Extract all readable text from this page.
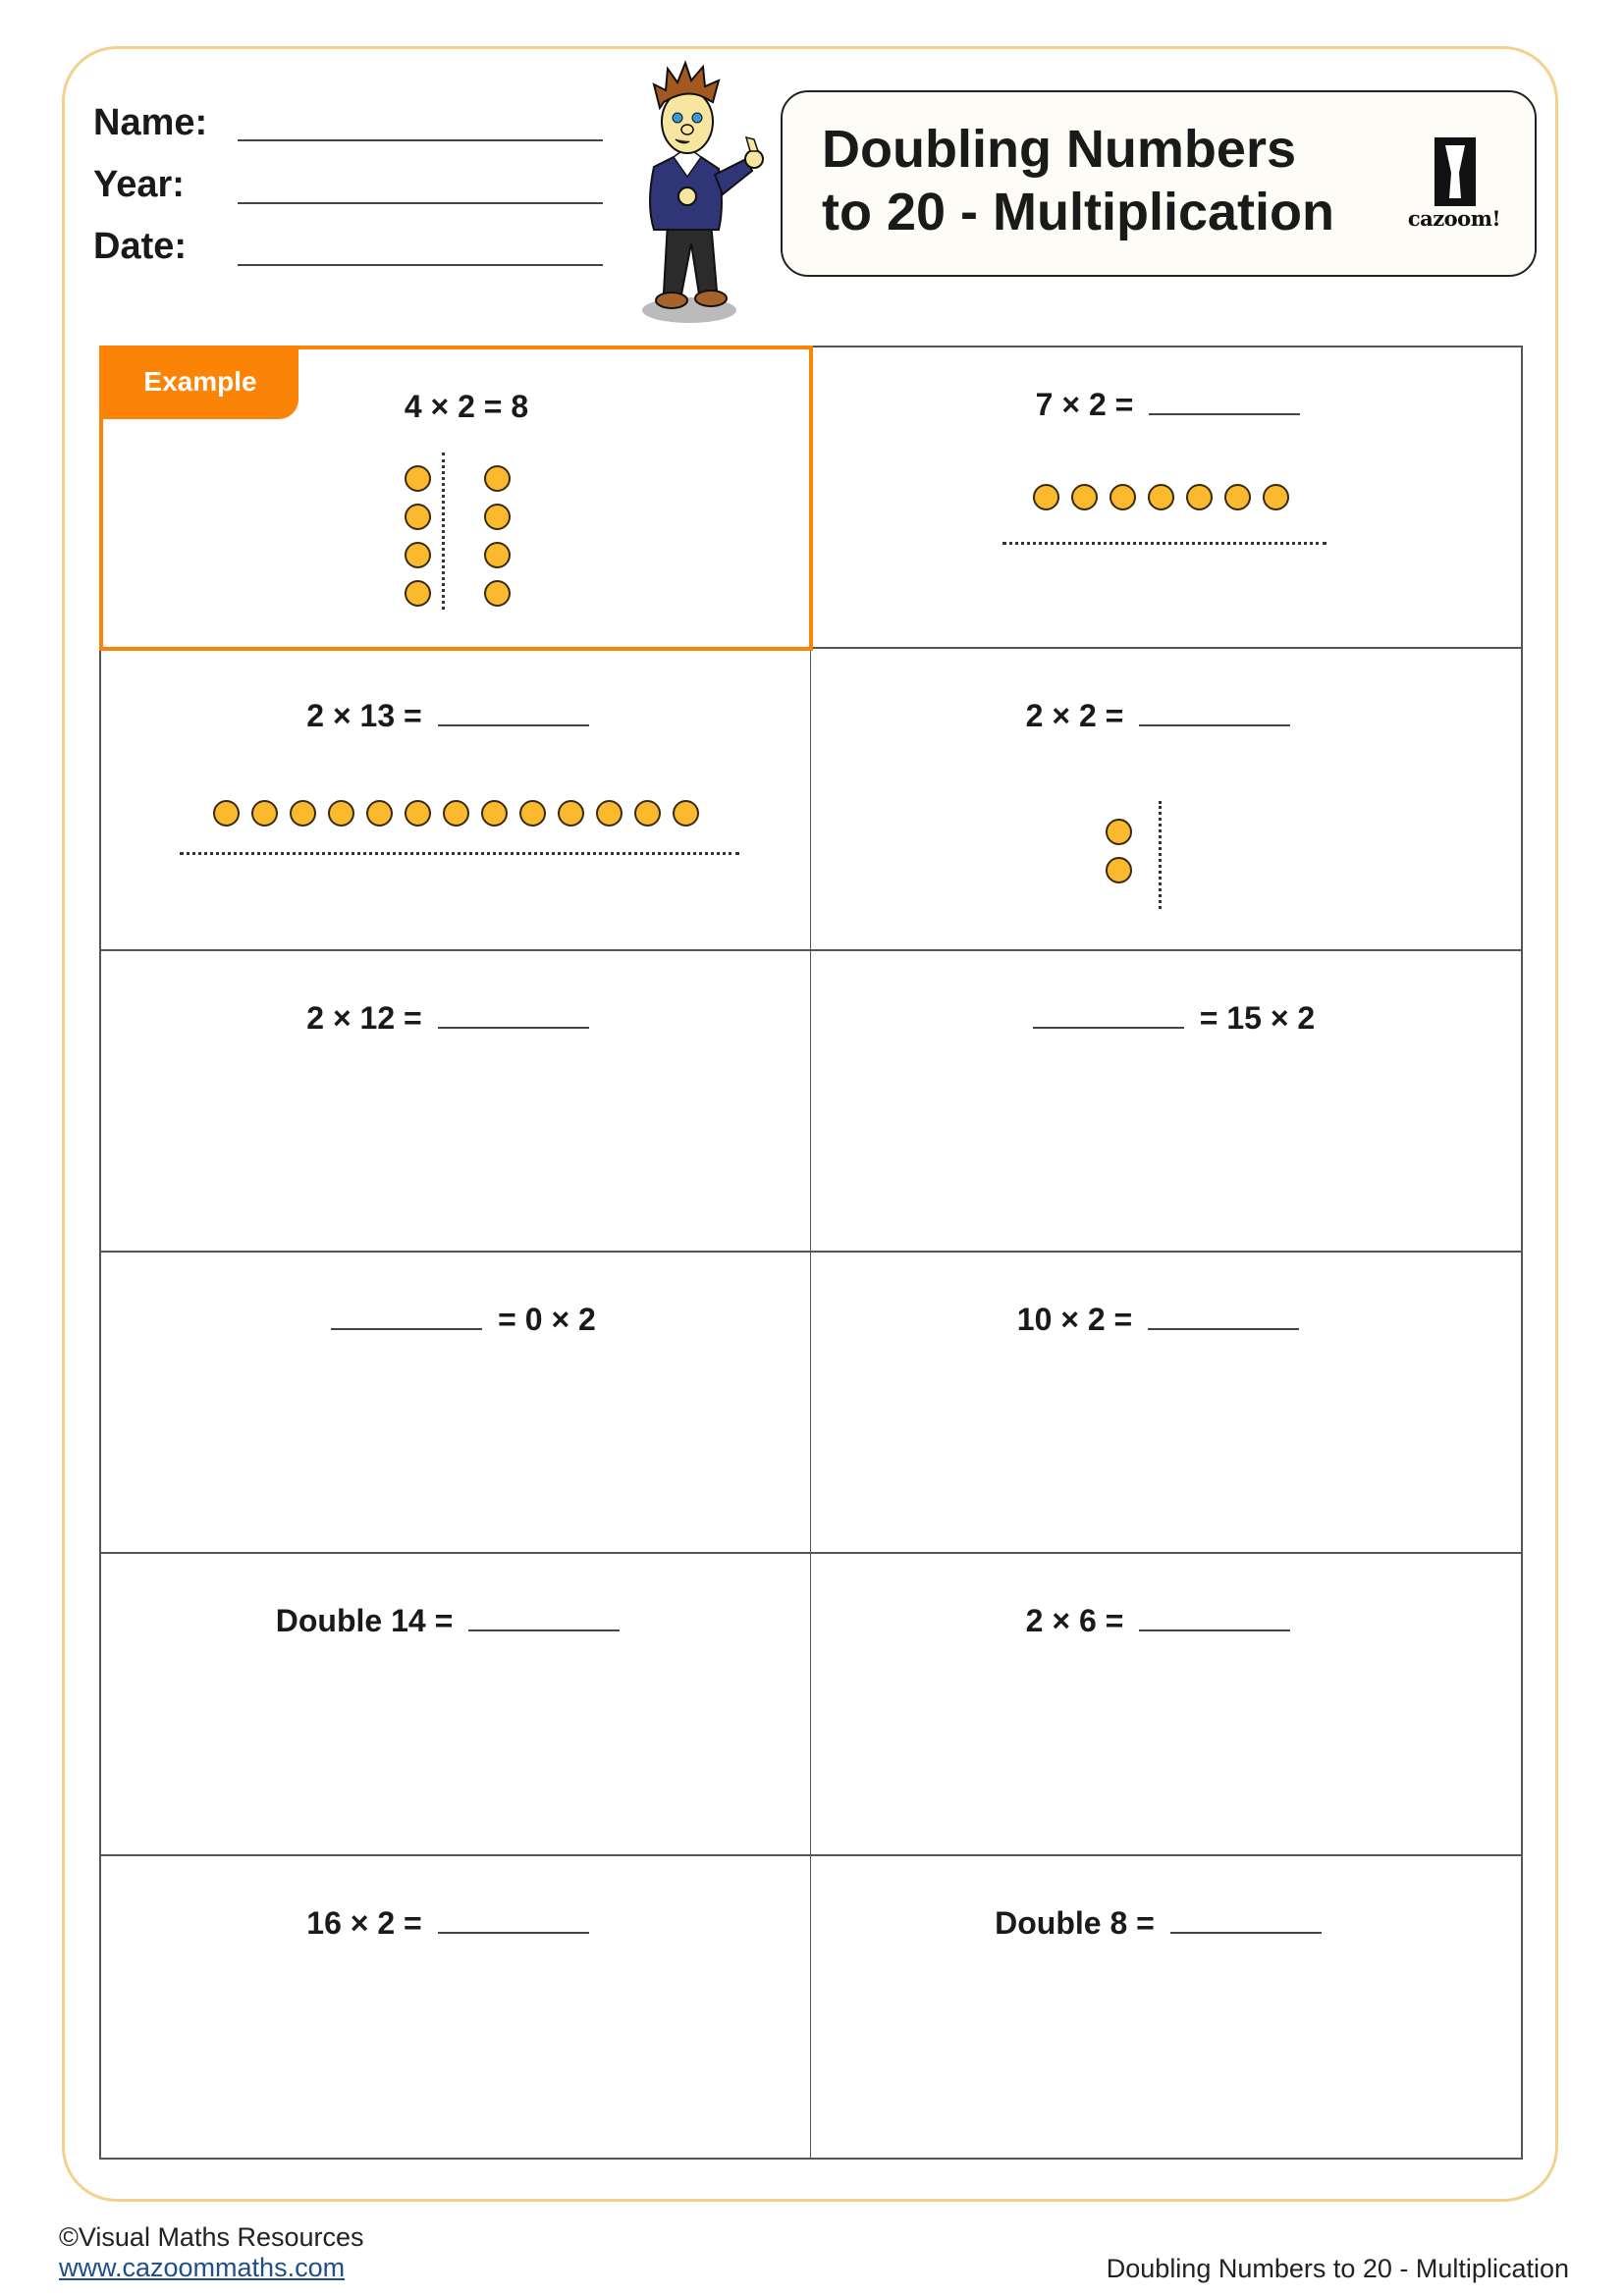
Name:
Year:
Date:
Doubling Numbers
to 20 - Multiplication	cazoom!
Example
4 × 2 = 8	7 × 2 =
2 × 13 =	2 × 2 =
2 × 12 =	= 15 × 2
= 0 × 2	10 × 2 =
Double 14 =	2 × 6 =
16 × 2 =	Double 8 =
©Visual Maths Resources
www.cazoommaths.com	Doubling Numbers to 20 - Multiplication
